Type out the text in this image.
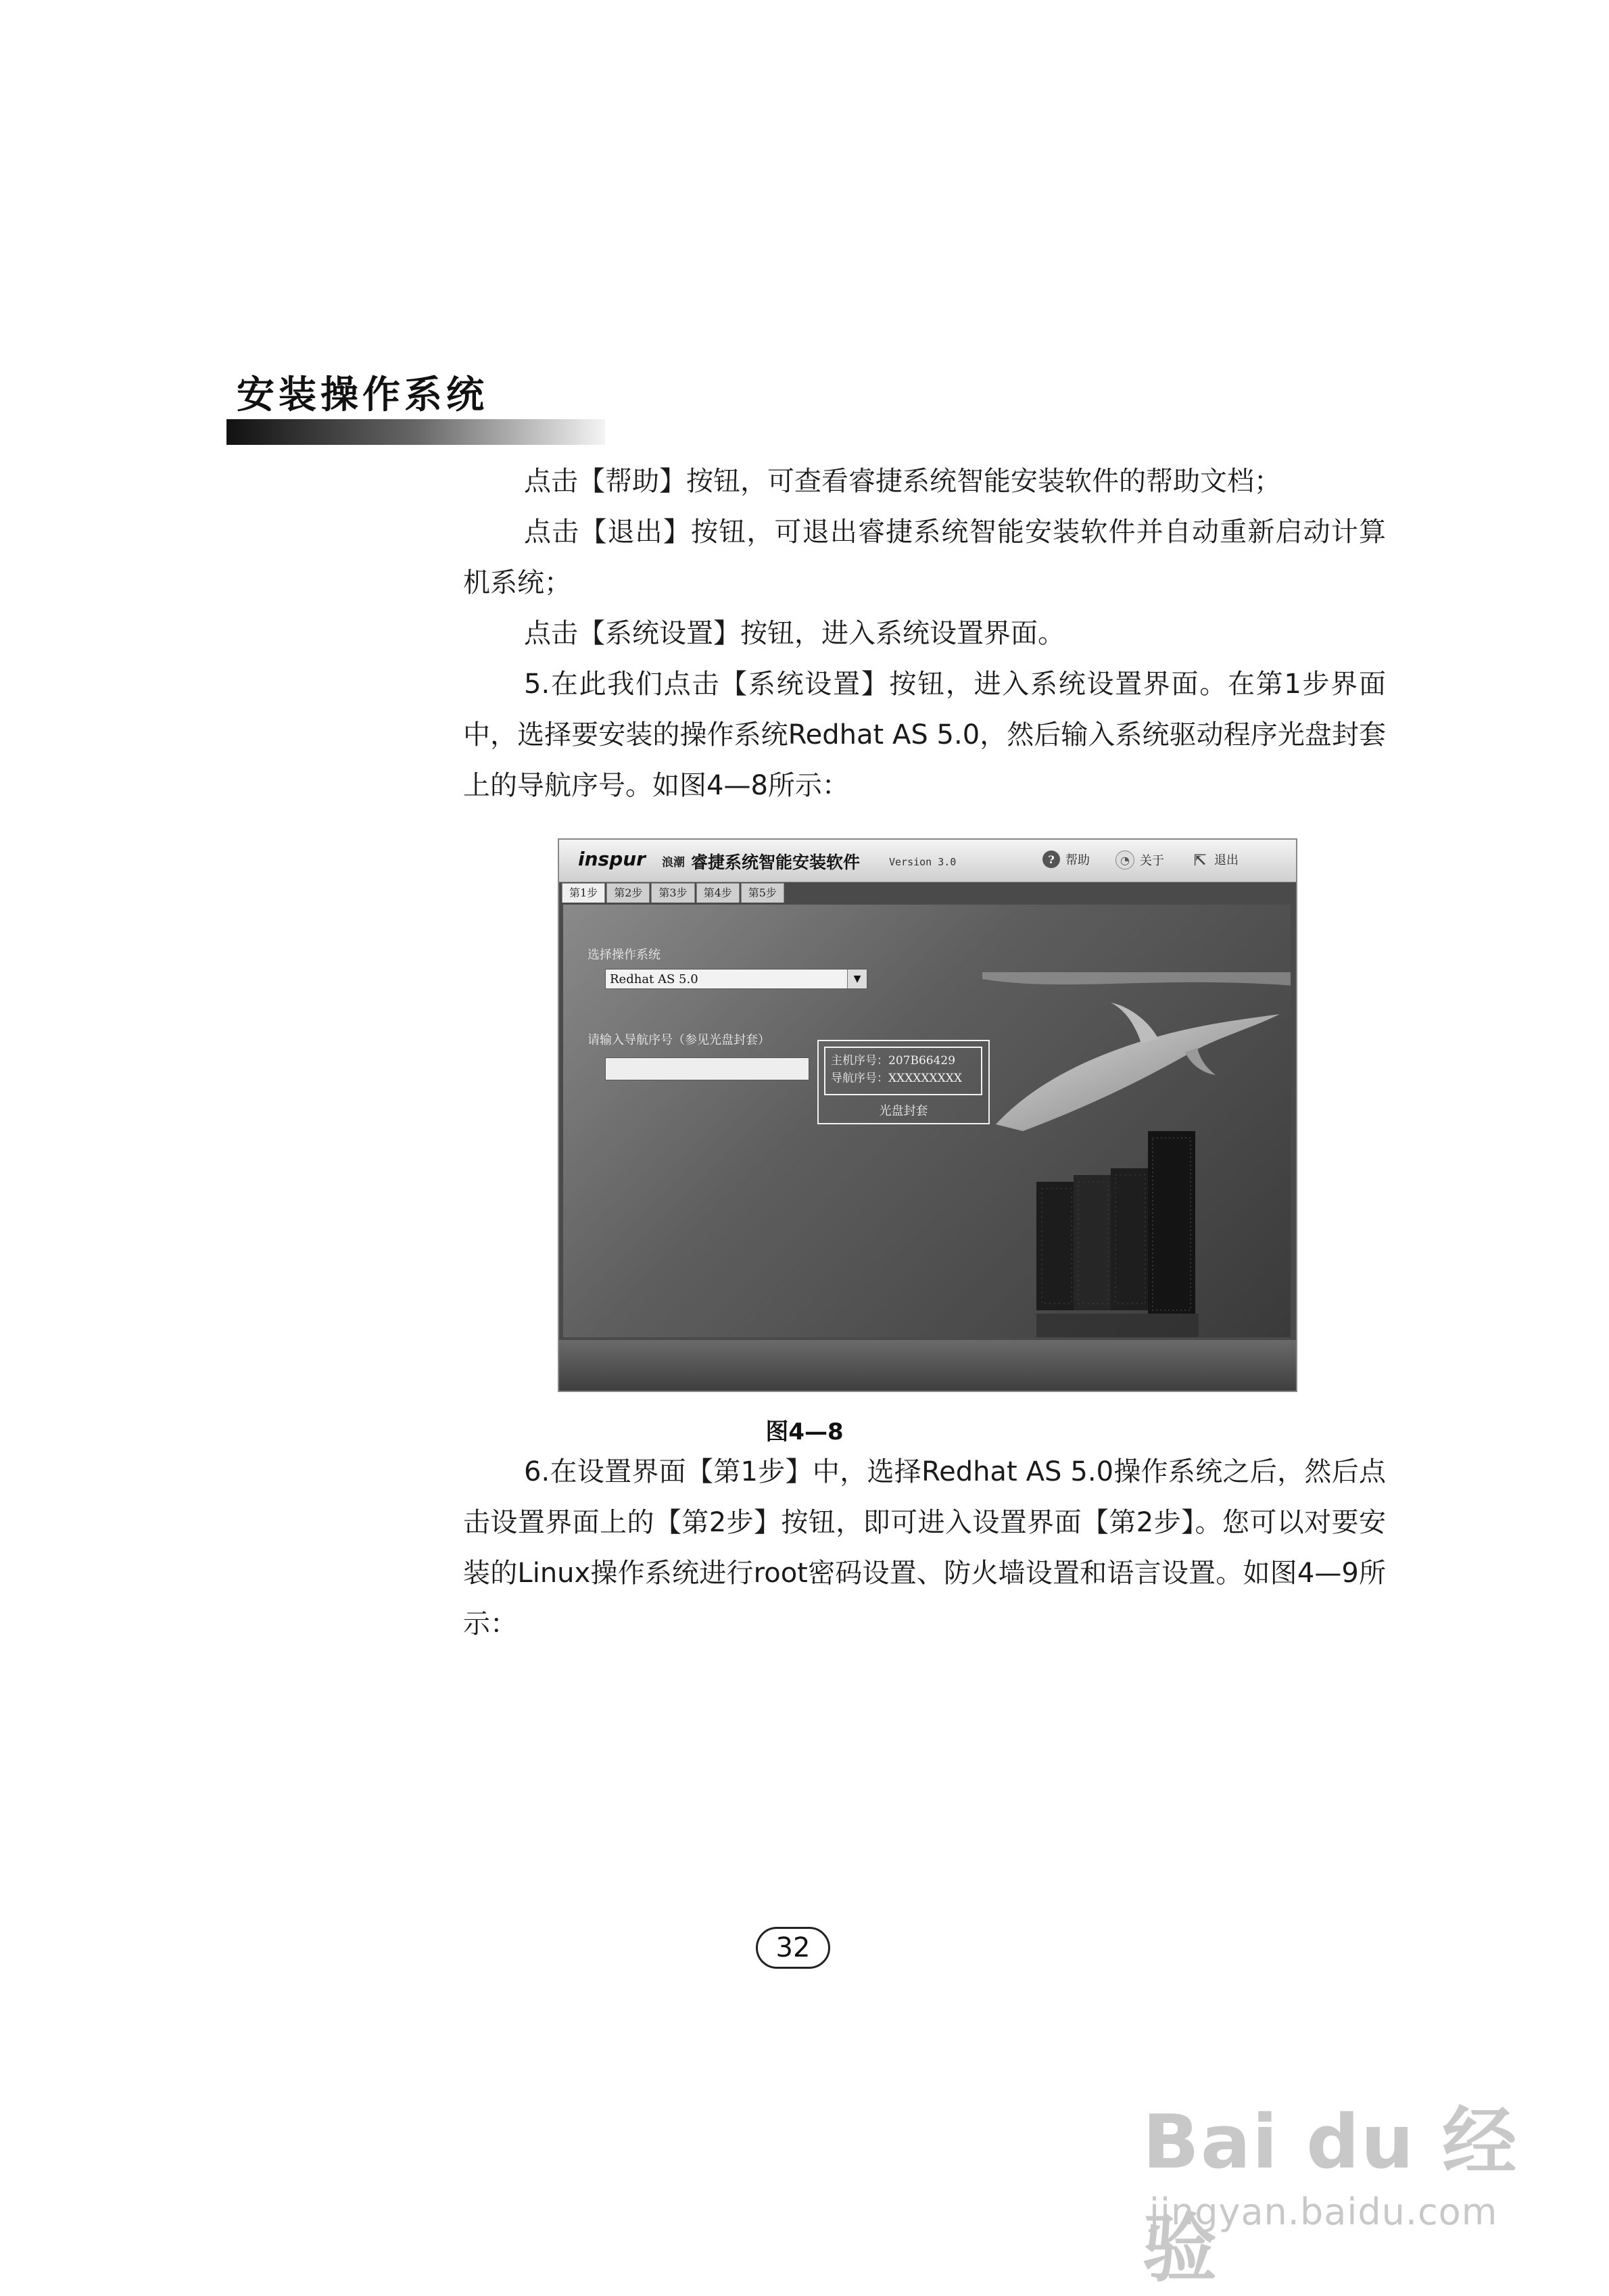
安装操作系统

点击【帮助】按钮，可查看睿捷系统智能安装软件的帮助文档；

点击【退出】按钮，可退出睿捷系统智能安装软件并自动重新启动计算机系统；

点击【系统设置】按钮，进入系统设置界面。

5.在此我们点击【系统设置】按钮，进入系统设置界面。在第1步界面中，选择要安装的操作系统Redhat AS 5.0，然后输入系统驱动程序光盘封套上的导航序号。如图4—8所示：

inspur 浪潮 睿捷系统智能安装软件	Version 3.0	? 帮助	◔ 关于 ⇱ 退出
第1步	第2步	第3步	第4步	第5步
选择操作系统
Redhat AS 5.0	▼
请输入导航序号（参见光盘封套）
主机序号：207B66429
导航序号：XXXXXXXXX
光盘封套
图4—8

6.在设置界面【第1步】中，选择Redhat AS 5.0操作系统之后，然后点击设置界面上的【第2步】按钮，即可进入设置界面【第2步】。您可以对要安装的Linux操作系统进行root密码设置、防火墙设置和语言设置。如图4—9所示：

32
Bai du 经验
jingyan.baidu.com
